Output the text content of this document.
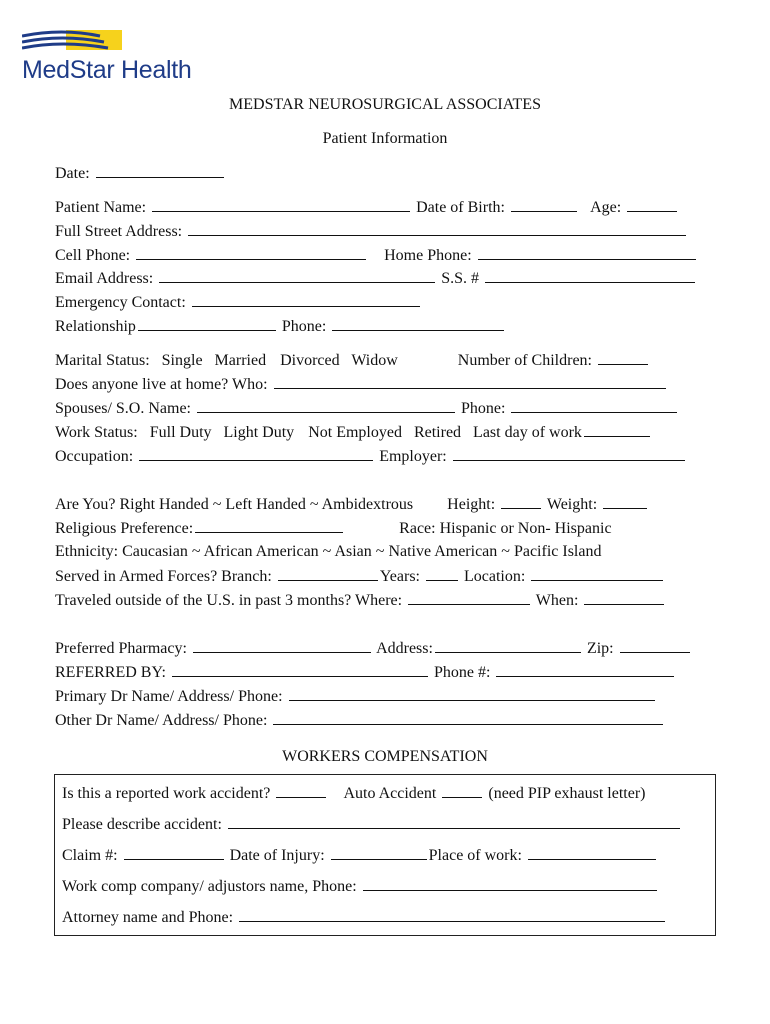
MedStar Health
MEDSTAR NEUROSURGICAL ASSOCIATES
Patient Information
Date:
Patient Name:	Date of Birth:	Age:
Full Street Address:
Cell Phone:	Home Phone:
Email Address:	S.S. #
Emergency Contact:
Relationship	Phone:
Marital Status: Single Married Divorced Widow	Number of Children:
Does anyone live at home? Who:
Spouses/ S.O. Name:	Phone:
Work Status: Full Duty Light Duty Not Employed Retired Last day of work
Occupation:	Employer:
Are You? Right Handed ~ Left Handed ~ Ambidextrous Height:	Weight:
Religious Preference:	Race: Hispanic or Non- Hispanic
Ethnicity: Caucasian ~ African American ~ Asian ~ Native American ~ Pacific Island
Served in Armed Forces? Branch:	Years:	Location:
Traveled outside of the U.S. in past 3 months? Where:	When:
Preferred Pharmacy:	Address:	Zip:
REFERRED BY:	Phone #:
Primary Dr Name/ Address/ Phone:
Other Dr Name/ Address/ Phone:
WORKERS COMPENSATION
Is this a reported work accident?	Auto Accident	(need PIP exhaust letter)
Please describe accident:
Claim #:	Date of Injury:	Place of work:
Work comp company/ adjustors name, Phone:
Attorney name and Phone:
